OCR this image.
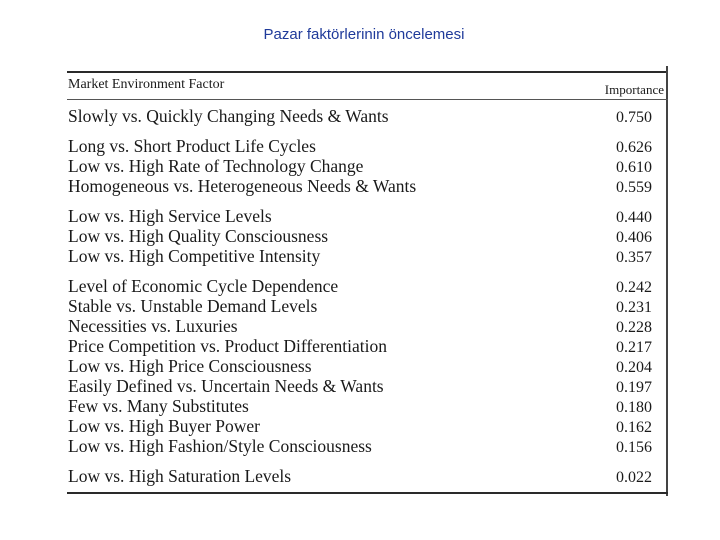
Pazar faktörlerinin öncelemesi
Market Environment Factor	Importance
Slowly vs. Quickly Changing Needs & Wants	0.750
Long vs. Short Product Life Cycles	0.626
Low vs. High Rate of Technology Change	0.610
Homogeneous vs. Heterogeneous Needs & Wants	0.559
Low vs. High Service Levels	0.440
Low vs. High Quality Consciousness	0.406
Low vs. High Competitive Intensity	0.357
Level of Economic Cycle Dependence	0.242
Stable vs. Unstable Demand Levels	0.231
Necessities vs. Luxuries	0.228
Price Competition vs. Product Differentiation	0.217
Low vs. High Price Consciousness	0.204
Easily Defined vs. Uncertain Needs & Wants	0.197
Few vs. Many Substitutes	0.180
Low vs. High Buyer Power	0.162
Low vs. High Fashion/Style Consciousness	0.156
Low vs. High Saturation Levels	0.022
